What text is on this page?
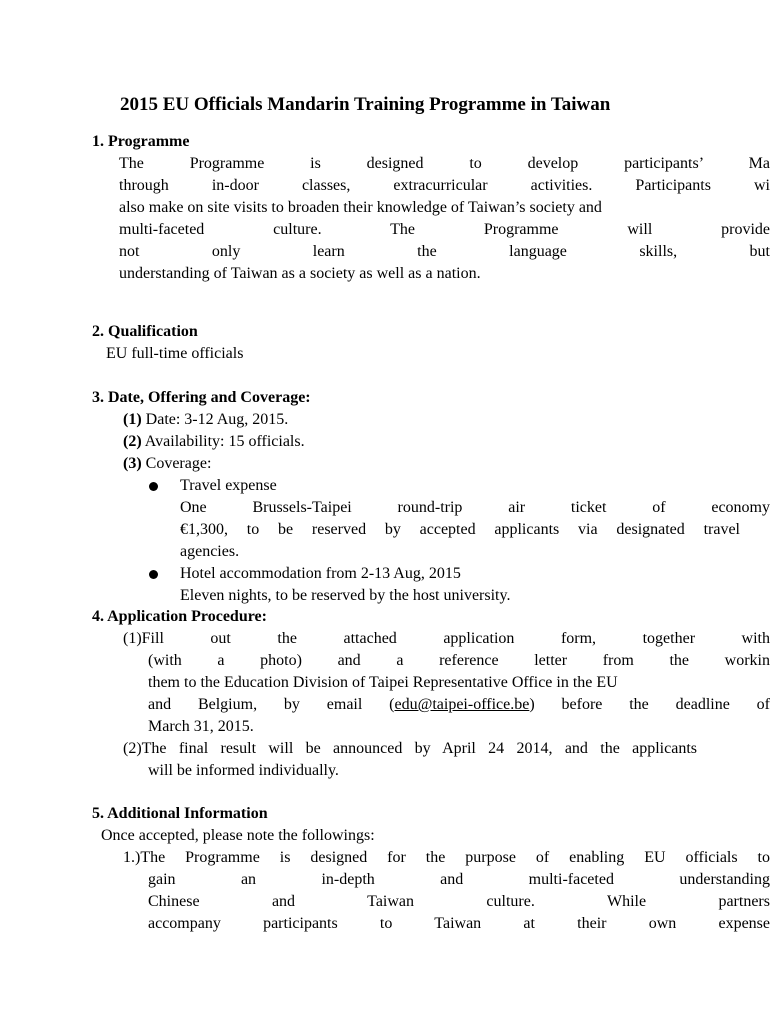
2015 EU Officials Mandarin Training Programme in Taiwan
1. Programme
The Programme is designed to develop participants’ Ma
through in-door classes, extracurricular activities. Participants wi
also make on site visits to broaden their knowledge of Taiwan’s society and
multi-faceted culture. The Programme will provide
not only learn the language skills, but
understanding of Taiwan as a society as well as a nation.
2. Qualification
EU full-time officials
3. Date, Offering and Coverage:
(1) Date: 3-12 Aug, 2015.
(2) Availability: 15 officials.
(3) Coverage:
Travel expense
One Brussels-Taipei round-trip air ticket of economy
€1,300, to be reserved by accepted applicants via designated travel
agencies.
Hotel accommodation from 2-13 Aug, 2015
Eleven nights, to be reserved by the host university.
4. Application Procedure:
(1)Fill out the attached application form, together with
(with a photo) and a reference letter from the workin
them to the Education Division of Taipei Representative Office in the EU
and Belgium, by email (edu@taipei-office.be) before the deadline of
March 31, 2015.
(2)The final result will be announced by April 24 2014, and the applicants
will be informed individually.
5. Additional Information
Once accepted, please note the followings:
1.)The Programme is designed for the purpose of enabling EU officials to
gain an in-depth and multi-faceted understanding
Chinese and Taiwan culture. While partners
accompany participants to Taiwan at their own expense
